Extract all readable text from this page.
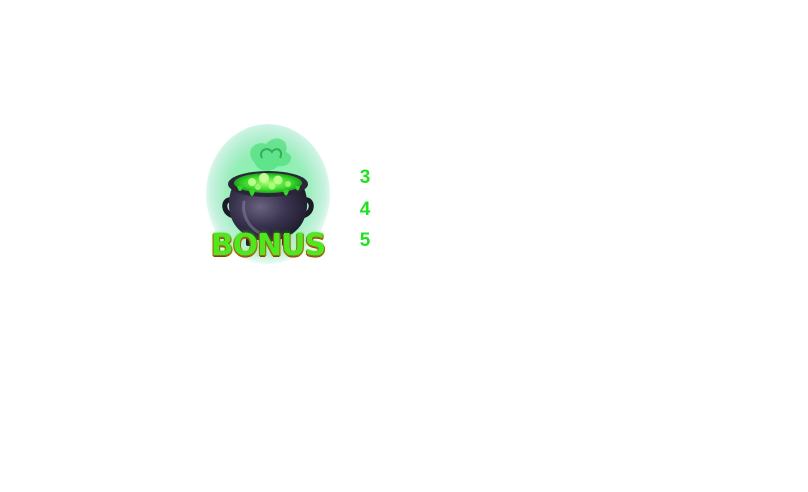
BONUS
3
4
5
